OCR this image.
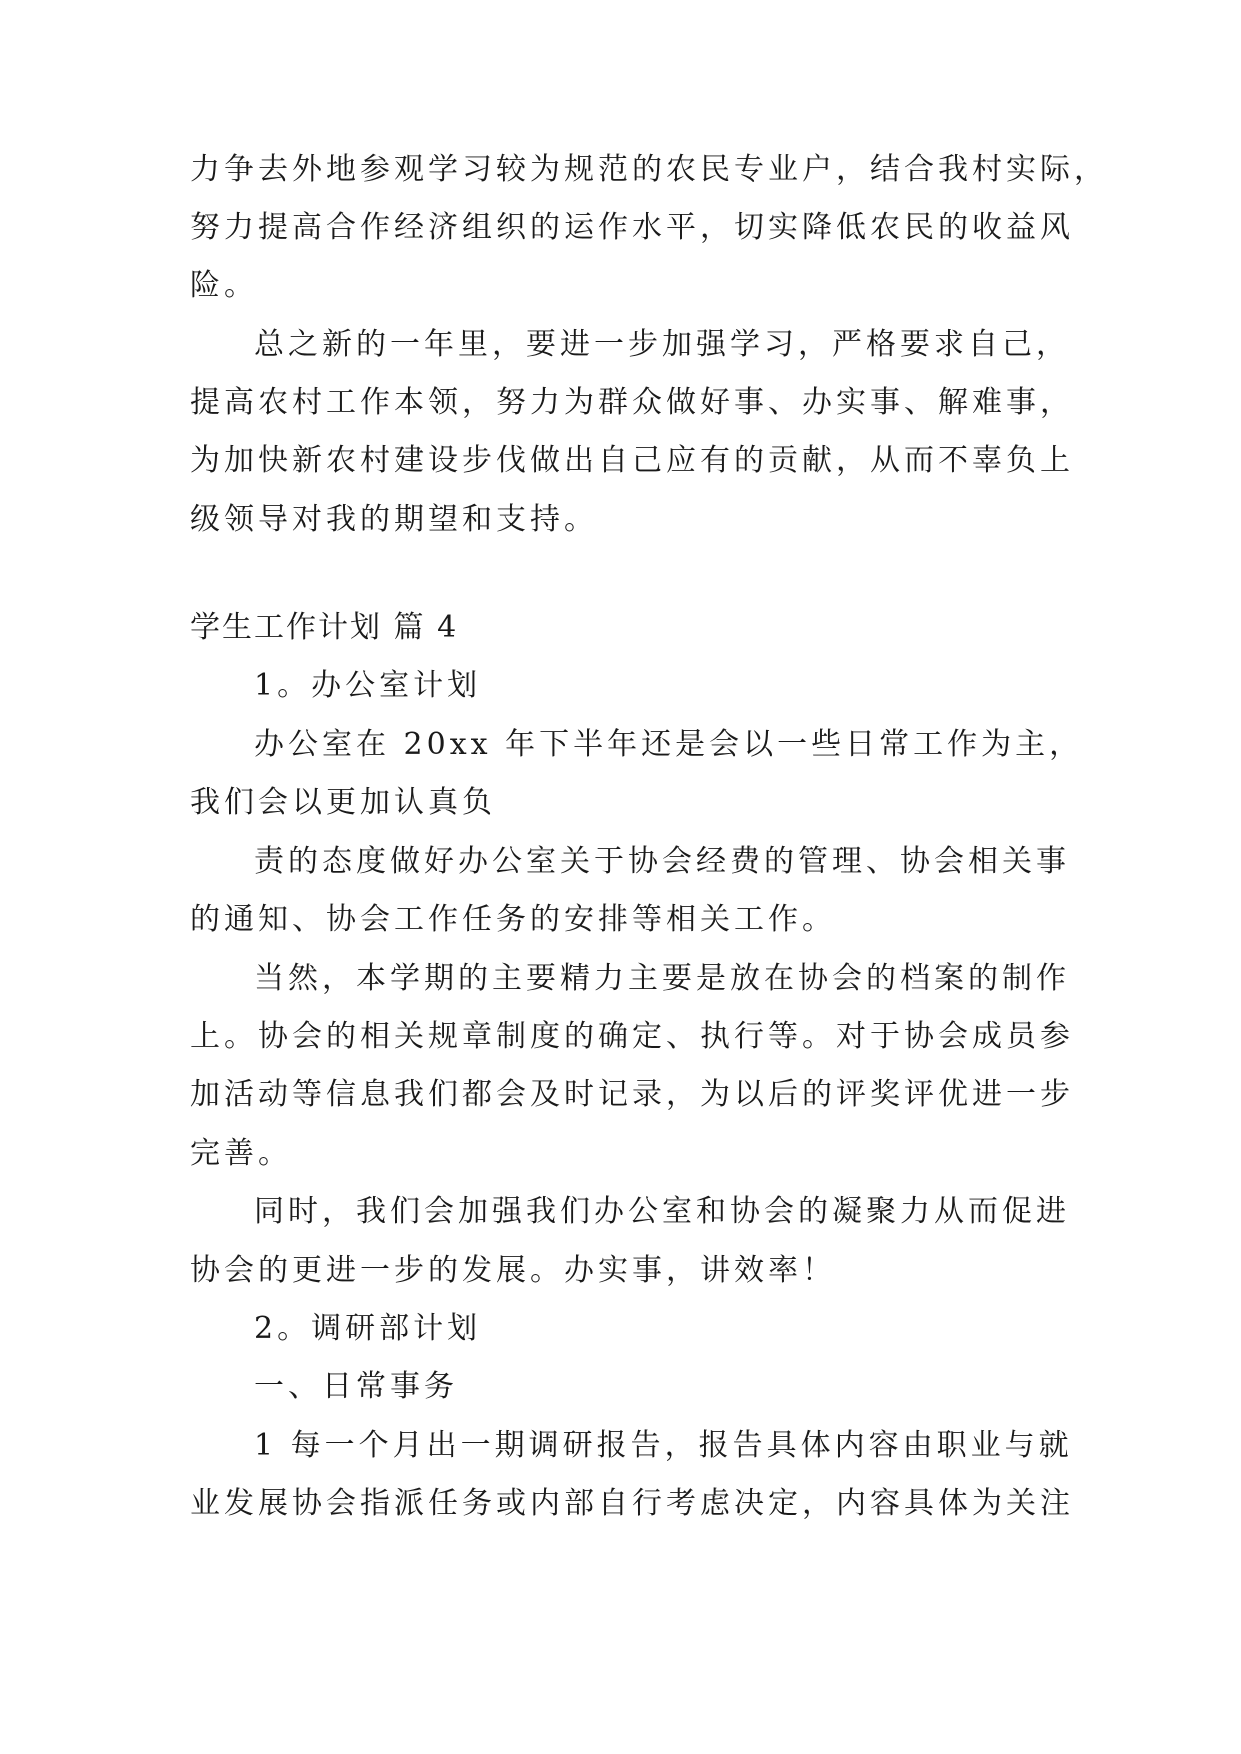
力争去外地参观学习较为规范的农民专业户，结合我村实际，
努力提高合作经济组织的运作水平，切实降低农民的收益风
险。
总之新的一年里，要进一步加强学习，严格要求自己，
提高农村工作本领，努力为群众做好事、办实事、解难事，
为加快新农村建设步伐做出自己应有的贡献，从而不辜负上
级领导对我的期望和支持。
学生工作计划 篇 4
1。办公室计划
办公室在 20xx 年下半年还是会以一些日常工作为主，
我们会以更加认真负
责的态度做好办公室关于协会经费的管理、协会相关事
的通知、协会工作任务的安排等相关工作。
当然，本学期的主要精力主要是放在协会的档案的制作
上。协会的相关规章制度的确定、执行等。对于协会成员参
加活动等信息我们都会及时记录，为以后的评奖评优进一步
完善。
同时，我们会加强我们办公室和协会的凝聚力从而促进
协会的更进一步的发展。办实事，讲效率！
2。调研部计划
一、日常事务
1 每一个月出一期调研报告，报告具体内容由职业与就
业发展协会指派任务或内部自行考虑决定，内容具体为关注
